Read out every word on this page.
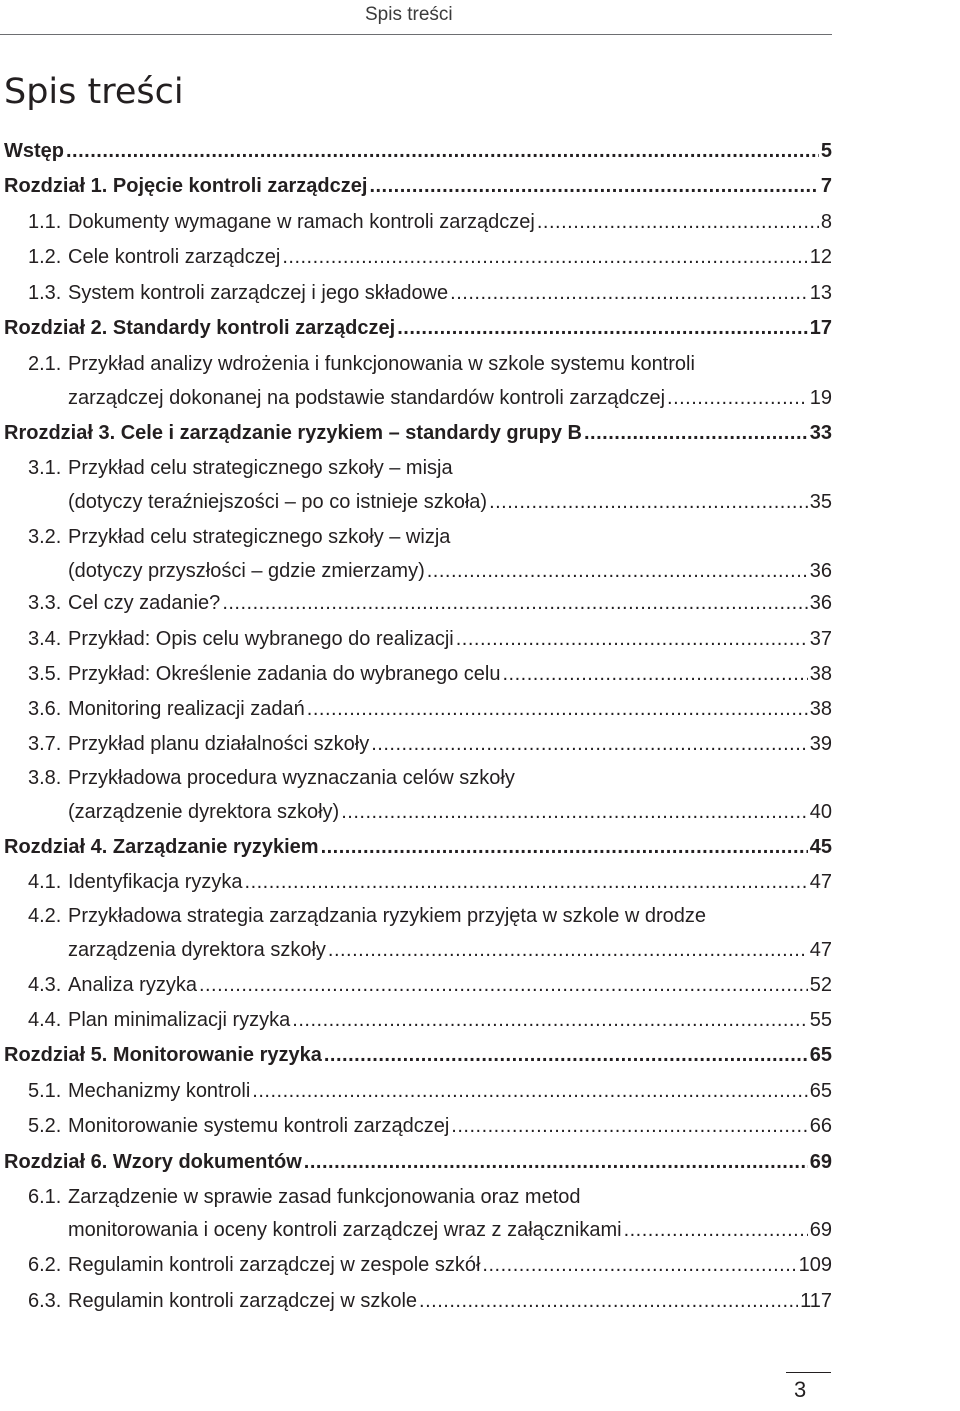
Spis treści
Spis treści
Wstęp .....	5
Rozdział 1. Pojęcie kontroli zarządczej .....	7
1.1. Dokumenty wymagane w ramach kontroli zarządczej .....	8
1.2. Cele kontroli zarządczej .....	12
1.3. System kontroli zarządczej i jego składowe .....	13
Rozdział 2. Standardy kontroli zarządczej .....	17
2.1. Przykład analizy wdrożenia i funkcjonowania w szkole systemu kontroli
zarządczej dokonanej na podstawie standardów kontroli zarządczej .....	19
Rrozdział 3. Cele i zarządzanie ryzykiem – standardy grupy B .....	33
3.1. Przykład celu strategicznego szkoły – misja
(dotyczy teraźniejszości – po co istnieje szkoła) .....	35
3.2. Przykład celu strategicznego szkoły – wizja
(dotyczy przyszłości – gdzie zmierzamy) .....	36
3.3. Cel czy zadanie? .....	36
3.4. Przykład: Opis celu wybranego do realizacji .....	37
3.5. Przykład: Określenie zadania do wybranego celu .....	38
3.6. Monitoring realizacji zadań .....	38
3.7. Przykład planu działalności szkoły .....	39
3.8. Przykładowa procedura wyznaczania celów szkoły
(zarządzenie dyrektora szkoły) .....	40
Rozdział 4. Zarządzanie ryzykiem .....	45
4.1. Identyfikacja ryzyka .....	47
4.2. Przykładowa strategia zarządzania ryzykiem przyjęta w szkole w drodze
zarządzenia dyrektora szkoły .....	47
4.3. Analiza ryzyka .....	52
4.4. Plan minimalizacji ryzyka .....	55
Rozdział 5. Monitorowanie ryzyka .....	65
5.1. Mechanizmy kontroli .....	65
5.2. Monitorowanie systemu kontroli zarządczej .....	66
Rozdział 6. Wzory dokumentów .....	69
6.1. Zarządzenie w sprawie zasad funkcjonowania oraz metod
monitorowania i oceny kontroli zarządczej wraz z załącznikami .....	69
6.2. Regulamin kontroli zarządczej w zespole szkół .....	109
6.3. Regulamin kontroli zarządczej w szkole .....	117
3
